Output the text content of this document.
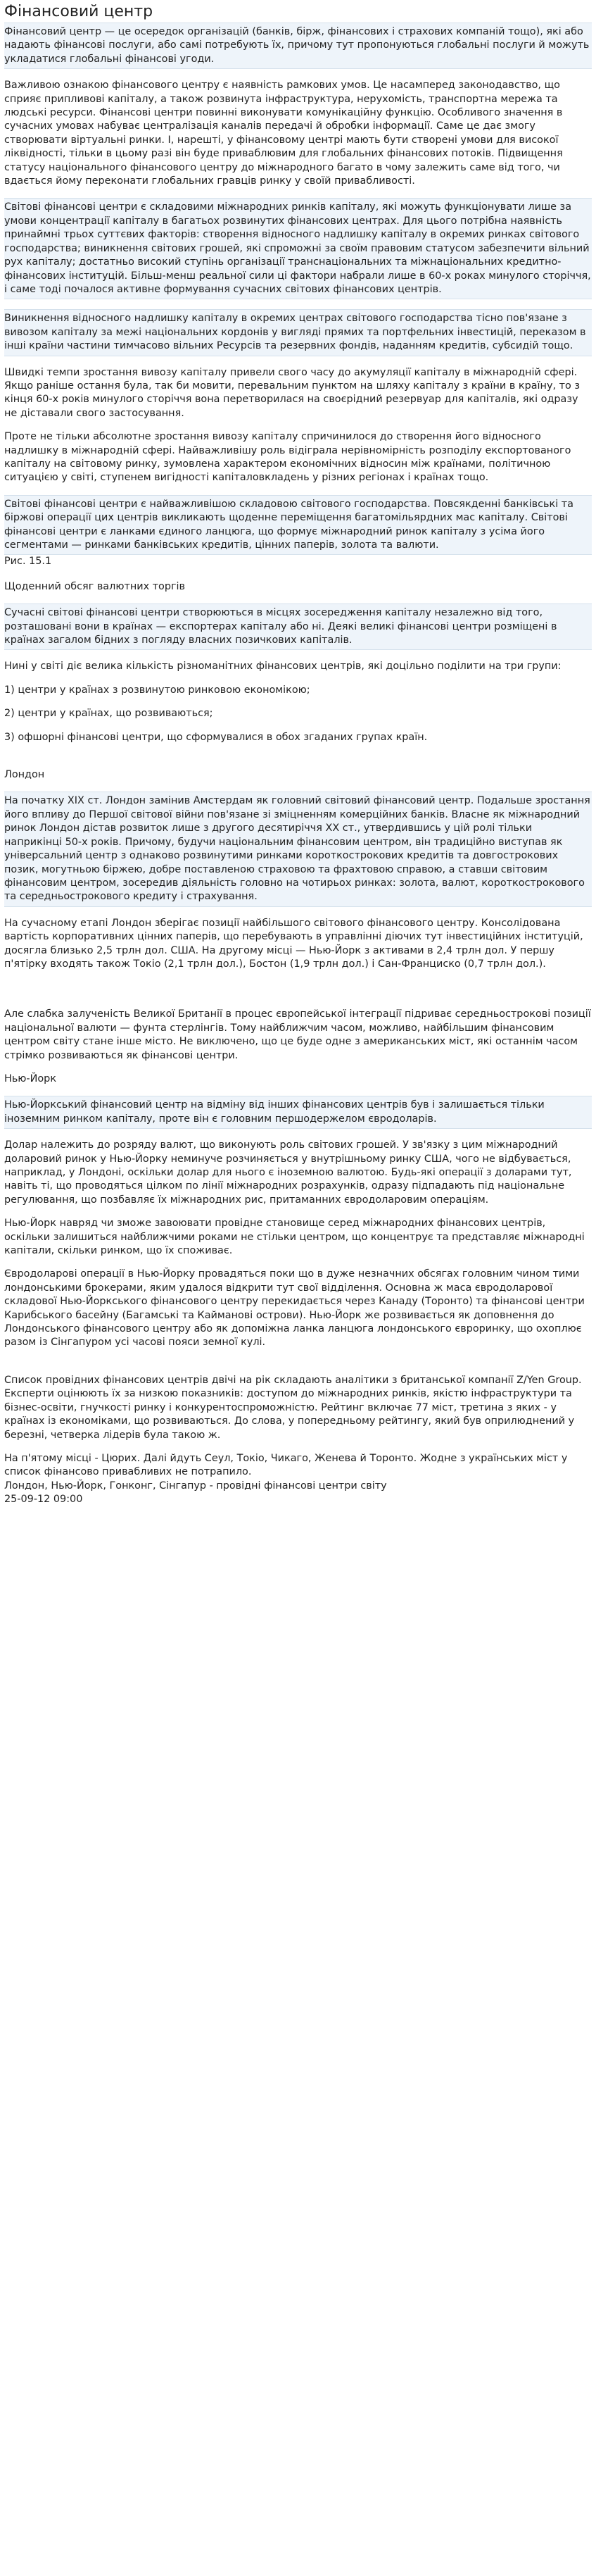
Фінансовий центр

Фінансовий центр — це осередок організацій (банків, бірж, фінансових і страхових компаній тощо), які або надають фінансові послуги, або самі потребують їх, причому тут пропонуються глобальні послуги й можуть укладатися глобальні фінансові угоди.

Важливою ознакою фінансового центру є наявність рамкових умов. Це насамперед законодавство, що сприяє припливові капіталу, а також розвинута інфраструктура, нерухомість, транспортна мережа та людські ресурси. Фінансові центри повинні виконувати комунікаційну функцію. Особливого значення в сучасних умовах набуває централізація каналів передачі й обробки інформації. Саме це дає змогу створювати віртуальні ринки. І, нарешті, у фінансовому центрі мають бути створені умови для високої ліквідності, тільки в цьому разі він буде приваблювим для глобальних фінансових потоків. Підвищення статусу національного фінансового центру до міжнародного багато в чому залежить саме від того, чи вдається йому переконати глобальних гравців ринку у своїй привабливості.

Світові фінансові центри є складовими міжнародних ринків капіталу, які можуть функціонувати лише за умови концентрації капіталу в багатьох розвинутих фінансових центрах. Для цього потрібна наявність принаймні трьох суттєвих факторів: створення відносного надлишку капіталу в окремих ринках світового господарства; виникнення світових грошей, які спроможні за своїм правовим статусом забезпечити вільний рух капіталу; достатньо високий ступінь організації транснаціональних та міжнаціональних кредитно-фінансових інституцій. Більш-менш реальної сили ці фактори набрали лише в 60-х роках минулого сторіччя, і саме тоді почалося активне формування сучасних світових фінансових центрів.

Виникнення відносного надлишку капіталу в окремих центрах світового господарства тісно пов'язане з вивозом капіталу за межі національних кордонів у вигляді прямих та портфельних інвестицій, переказом в інші країни частини тимчасово вільних Ресурсів та резервних фондів, наданням кредитів, субсидій тощо.

Швидкі темпи зростання вивозу капіталу привели свого часу до акумуляції капіталу в міжнародній сфері. Якщо раніше остання була, так би мовити, перевальним пунктом на шляху капіталу з країни в країну, то з кінця 60-х років минулого сторіччя вона перетворилася на своєрідний резервуар для капіталів, які одразу не діставали свого застосування.

Проте не тільки абсолютне зростання вивозу капіталу спричинилося до створення його відносного надлишку в міжнародній сфері. Найважливішу роль відіграла нерівномірність розподілу експортованого капіталу на світовому ринку, зумовлена характером економічних відносин між країнами, політичною ситуацією у світі, ступенем вигідності капіталовкладень у різних регіонах і країнах тощо.

Світові фінансові центри є найважливішою складовою світового господарства. Повсякденні банківські та біржові операції цих центрів викликають щоденне переміщення багатомільярдних мас капіталу. Світові фінансові центри є ланками єдиного ланцюга, що формує міжнародний ринок капіталу з усіма його сегментами — ринками банківських кредитів, цінних паперів, золота та валюти.

Рис. 15.1

Щоденний обсяг валютних торгів

Сучасні світові фінансові центри створюються в місцях зосередження капіталу незалежно від того, розташовані вони в країнах — експортерах капіталу або ні. Деякі великі фінансові центри розміщені в країнах загалом бідних з погляду власних позичкових капіталів.

Нині у світі діє велика кількість різноманітних фінансових центрів, які доцільно поділити на три групи:

1) центри у країнах з розвинутою ринковою економікою;

2) центри у країнах, що розвиваються;

3) офшорні фінансові центри, що сформувалися в обох згаданих групах країн.

Лондон

На початку XIX ст. Лондон замінив Амстердам як головний світовий фінансовий центр. Подальше зростання його впливу до Першої світової війни пов'язане зі зміцненням комерційних банків. Власне як міжнародний ринок Лондон дістав розвиток лише з другого десятиріччя XX ст., утвердившись у цій ролі тільки наприкінці 50-х років. Причому, будучи національним фінансовим центром, він традиційно виступав як універсальний центр з однаково розвинутими ринками короткострокових кредитів та довгострокових позик, могутньою біржею, добре поставленою страховою та фрахтовою справою, а ставши світовим фінансовим центром, зосередив діяльність головно на чотирьох ринках: золота, валют, короткострокового та середньострокового кредиту і страхування.

На сучасному етапі Лондон зберігає позиції найбільшого світового фінансового центру. Консолідована вартість корпоративних цінних паперів, що перебувають в управлінні діючих тут інвестиційних інституцій, досягла близько 2,5 трлн дол. США. На другому місці — Нью-Йорк з активами в 2,4 трлн дол. У першу п'ятірку входять також Токіо (2,1 трлн дол.), Бостон (1,9 трлн дол.) і Сан-Франциско (0,7 трлн дол.).

Але слабка залученість Великої Британії в процес європейської інтеграції підриває середньострокові позиції національної валюти — фунта стерлінгів. Тому найближчим часом, можливо, найбільшим фінансовим центром світу стане інше місто. Не виключено, що це буде одне з американських міст, які останнім часом стрімко розвиваються як фінансові центри.

Нью-Йорк

Нью-Йоркський фінансовий центр на відміну від інших фінансових центрів був і залишається тільки іноземним ринком капіталу, проте він є головним першодержелом євродоларів.

Долар належить до розряду валют, що виконують роль світових грошей. У зв'язку з цим міжнародний доларовий ринок у Нью-Йорку неминуче розчиняється у внутрішньому ринку США, чого не відбувається, наприклад, у Лондоні, оскільки долар для нього є іноземною валютою. Будь-які операції з доларами тут, навіть ті, що проводяться цілком по лінії міжнародних розрахунків, одразу підпадають під національне регулювання, що позбавляє їх міжнародних рис, притаманних євродоларовим операціям.

Нью-Йорк навряд чи зможе завоювати провідне становище серед міжнародних фінансових центрів, оскільки залишиться найближчими роками не стільки центром, що концентрує та представляє міжнародні капітали, скільки ринком, що їх споживає.

Євродоларові операції в Нью-Йорку провадяться поки що в дуже незначних обсягах головним чином тими лондонськими брокерами, яким удалося відкрити тут свої відділення. Основна ж маса євродоларової складової Нью-Йоркського фінансового центру перекидається через Канаду (Торонто) та фінансові центри Карибського басейну (Багамські та Кайманові острови). Нью-Йорк же розвивається як доповнення до Лондонського фінансового центру або як допоміжна ланка ланцюга лондонського євроринку, що охоплює разом із Сінгапуром усі часові пояси земної кулі.

Список провідних фінансових центрів двічі на рік складають аналітики з британської компанії Z/Yen Group. Експерти оцінюють їх за низкою показників: доступом до міжнародних ринків, якістю інфраструктури та бізнес-освіти, гнучкості ринку і конкурентоспроможністю. Рейтинг включає 77 міст, третина з яких - у країнах із економіками, що розвиваються. До слова, у попередньому рейтингу, який був оприлюднений у березні, четверка лідерів була такою ж.

На п'ятому місці - Цюрих. Далі йдуть Сеул, Токіо, Чикаго, Женева й Торонто. Жодне з українських міст у список фінансово привабливих не потрапило.

Лондон, Нью-Йорк, Гонконг, Сінгапур - провідні фінансові центри світу

25-09-12 09:00
